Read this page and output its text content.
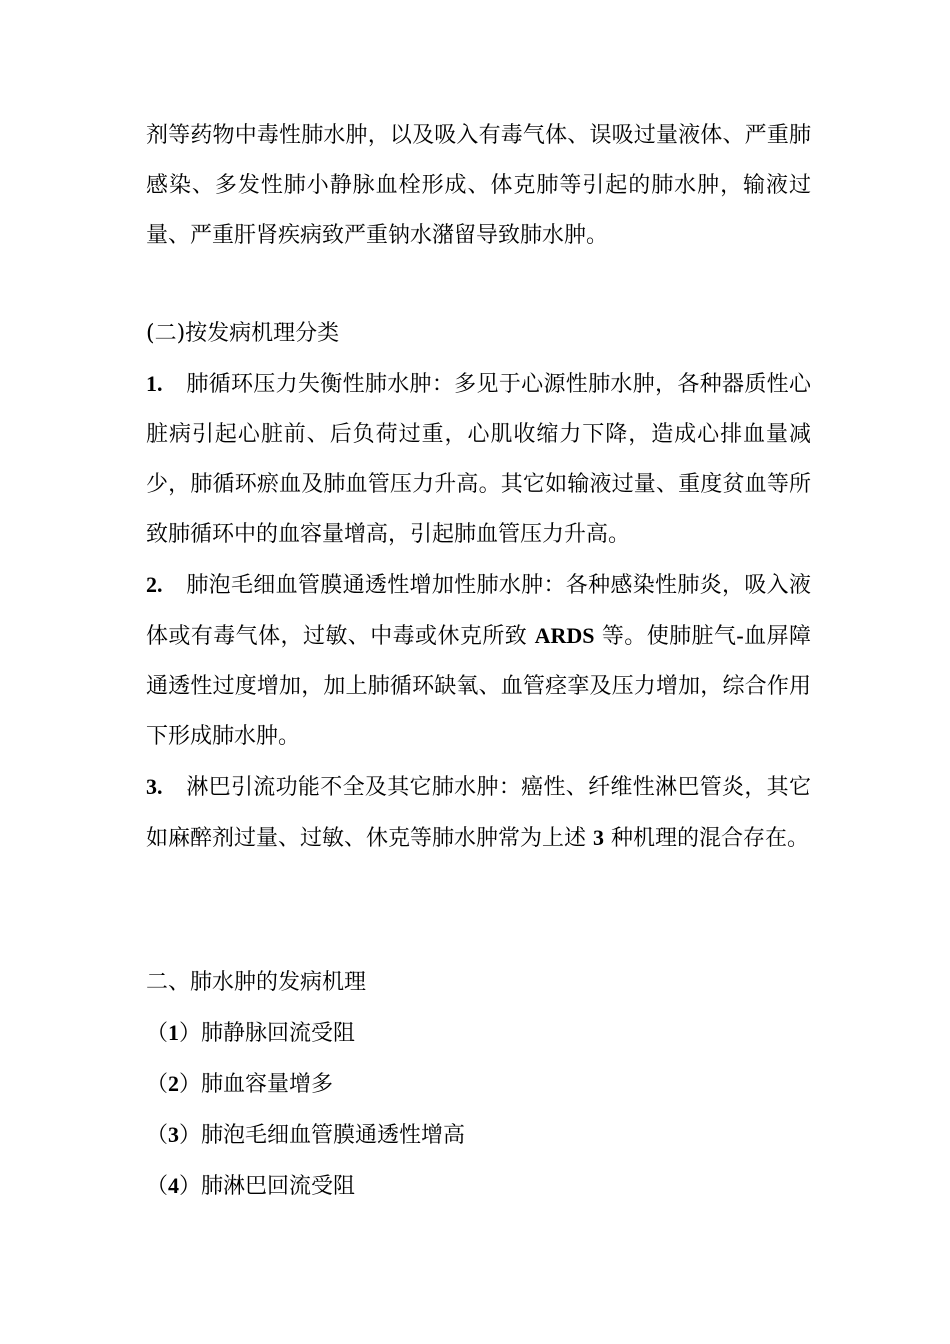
剂等药物中毒性肺水肿，以及吸入有毒气体、误吸过量液体、严重肺感染、多发性肺小静脉血栓形成、体克肺等引起的肺水肿，输液过量、严重肝肾疾病致严重钠水潴留导致肺水肿。
(二)按发病机理分类
1. 肺循环压力失衡性肺水肿：多见于心源性肺水肿，各种器质性心脏病引起心脏前、后负荷过重，心肌收缩力下降，造成心排血量减少，肺循环瘀血及肺血管压力升高。其它如输液过量、重度贫血等所致肺循环中的血容量增高，引起肺血管压力升高。
2. 肺泡毛细血管膜通透性增加性肺水肿：各种感染性肺炎，吸入液体或有毒气体，过敏、中毒或休克所致 ARDS 等。使肺脏气-血屏障通透性过度增加，加上肺循环缺氧、血管痉挛及压力增加，综合作用下形成肺水肿。
3. 淋巴引流功能不全及其它肺水肿：癌性、纤维性淋巴管炎，其它如麻醉剂过量、过敏、休克等肺水肿常为上述 3 种机理的混合存在。
二、肺水肿的发病机理
（1）肺静脉回流受阻
（2）肺血容量增多
（3）肺泡毛细血管膜通透性增高
（4）肺淋巴回流受阻
